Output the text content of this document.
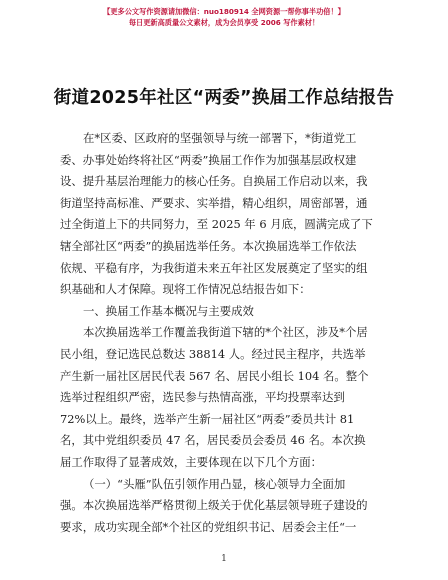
【更多公文写作资源请加微信：nuo180914 全网资源一帮你事半功倍！】
每日更新高质量公文素材，成为会员享受 2006 写作素材！
街道2025年社区“两委”换届工作总结报告
在*区委、区政府的坚强领导与统一部署下，*街道党工
委、办事处始终将社区“两委”换届工作作为加强基层政权建
设、提升基层治理能力的核心任务。自换届工作启动以来，我
街道坚持高标准、严要求、实举措，精心组织，周密部署，通
过全街道上下的共同努力，至 2025 年 6 月底，圆满完成了下
辖全部社区“两委”的换届选举任务。本次换届选举工作依法
依规、平稳有序，为我街道未来五年社区发展奠定了坚实的组
织基础和人才保障。现将工作情况总结报告如下：
一、换届工作基本概况与主要成效
本次换届选举工作覆盖我街道下辖的*个社区，涉及*个居
民小组，登记选民总数达 38814 人。经过民主程序，共选举
产生新一届社区居民代表 567 名、居民小组长 104 名。整个
选举过程组织严密，选民参与热情高涨，平均投票率达到
72%以上。最终，选举产生新一届社区“两委”委员共计 81
名，其中党组织委员 47 名，居民委员会委员 46 名。本次换
届工作取得了显著成效，主要体现在以下几个方面：
（一）“头雁”队伍引领作用凸显，核心领导力全面加
强。本次换届选举严格贯彻上级关于优化基层领导班子建设的
要求，成功实现全部*个社区的党组织书记、居委会主任“一
1
